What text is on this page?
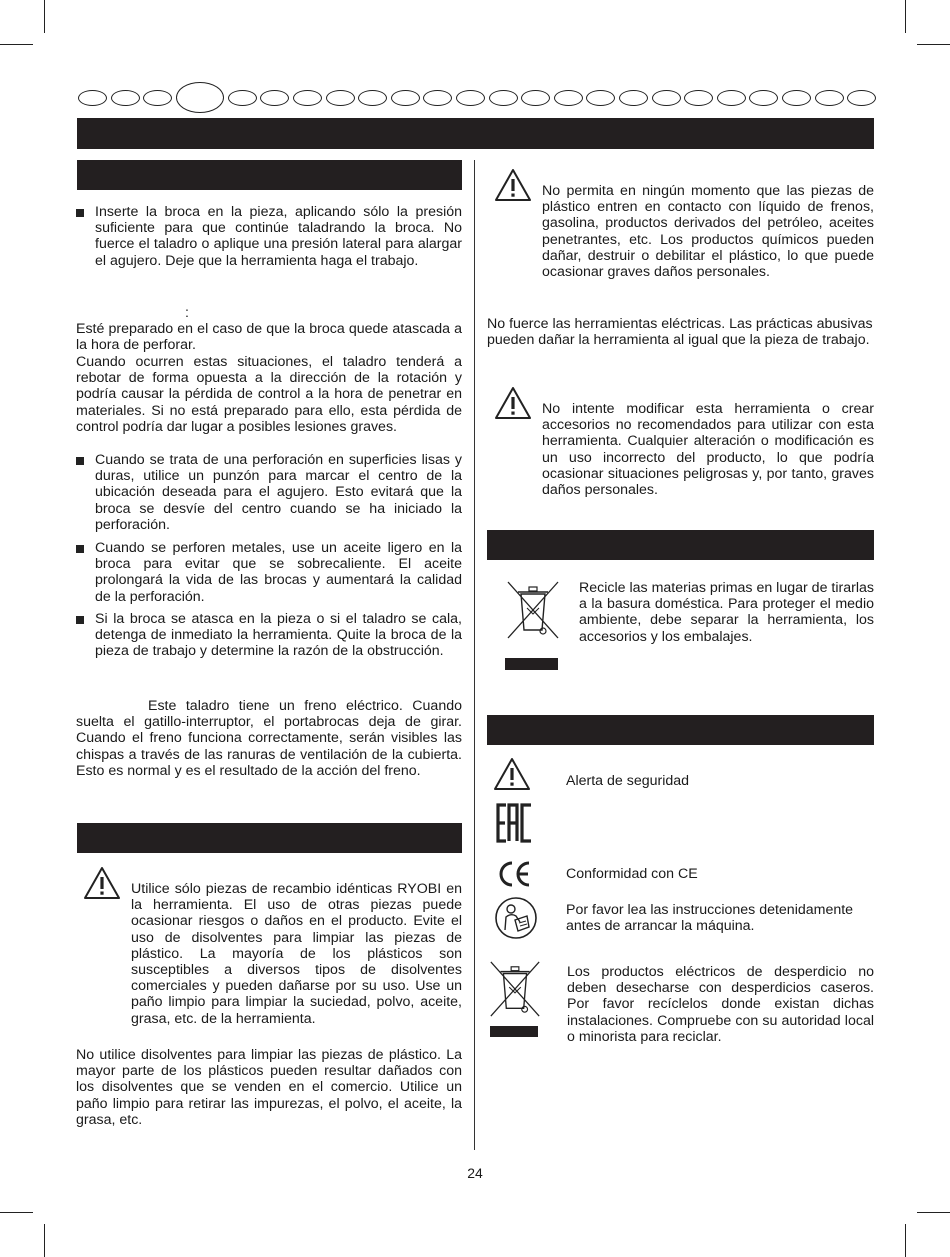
Inserte la broca en la pieza, aplicando sólo la presión suficiente para que continúe taladrando la broca. No fuerce el taladro o aplique una presión lateral para alargar el agujero. Deje que la herramienta haga el trabajo.
:
Esté preparado en el caso de que la broca quede atascada a la hora de perforar.
Cuando ocurren estas situaciones, el taladro tenderá a rebotar de forma opuesta a la dirección de la rotación y podría causar la pérdida de control a la hora de penetrar en materiales. Si no está preparado para ello, esta pérdida de control podría dar lugar a posibles lesiones graves.
Cuando se trata de una perforación en superficies lisas y duras, utilice un punzón para marcar el centro de la ubicación deseada para el agujero. Esto evitará que la broca se desvíe del centro cuando se ha iniciado la perforación.
Cuando se perforen metales, use un aceite ligero en la broca para evitar que se sobrecaliente. El aceite prolongará la vida de las brocas y aumentará la calidad de la perforación.
Si la broca se atasca en la pieza o si el taladro se cala, detenga de inmediato la herramienta. Quite la broca de la pieza de trabajo y determine la razón de la obstrucción.
Este taladro tiene un freno eléctrico. Cuando suelta el gatillo-interruptor, el portabrocas deja de girar. Cuando el freno funciona correctamente, serán visibles las chispas a través de las ranuras de ventilación de la cubierta. Esto es normal y es el resultado de la acción del freno.
Utilice sólo piezas de recambio idénticas RYOBI en la herramienta. El uso de otras piezas puede ocasionar riesgos o daños en el producto. Evite el uso de disolventes para limpiar las piezas de plástico. La mayoría de los plásticos son susceptibles a diversos tipos de disolventes comerciales y pueden dañarse por su uso. Use un paño limpio para limpiar la suciedad, polvo, aceite, grasa, etc. de la herramienta.
No utilice disolventes para limpiar las piezas de plástico. La mayor parte de los plásticos pueden resultar dañados con los disolventes que se venden en el comercio. Utilice un paño limpio para retirar las impurezas, el polvo, el aceite, la grasa, etc.
No permita en ningún momento que las piezas de plástico entren en contacto con líquido de frenos, gasolina, productos derivados del petróleo, aceites penetrantes, etc. Los productos químicos pueden dañar, destruir o debilitar el plástico, lo que puede ocasionar graves daños personales.
No fuerce las herramientas eléctricas. Las prácticas abusivas pueden dañar la herramienta al igual que la pieza de trabajo.
No intente modificar esta herramienta o crear accesorios no recomendados para utilizar con esta herramienta. Cualquier alteración o modificación es un uso incorrecto del producto, lo que podría ocasionar situaciones peligrosas y, por tanto, graves daños personales.
Recicle las materias primas en lugar de tirarlas a la basura doméstica. Para proteger el medio ambiente, debe separar la herramienta, los accesorios y los embalajes.
Alerta de seguridad
Conformidad con CE
Por favor lea las instrucciones detenidamente antes de arrancar la máquina.
Los productos eléctricos de desperdicio no deben desecharse con desperdicios caseros. Por favor recíclelos donde existan dichas instalaciones. Compruebe con su autoridad local o minorista para reciclar.
24
